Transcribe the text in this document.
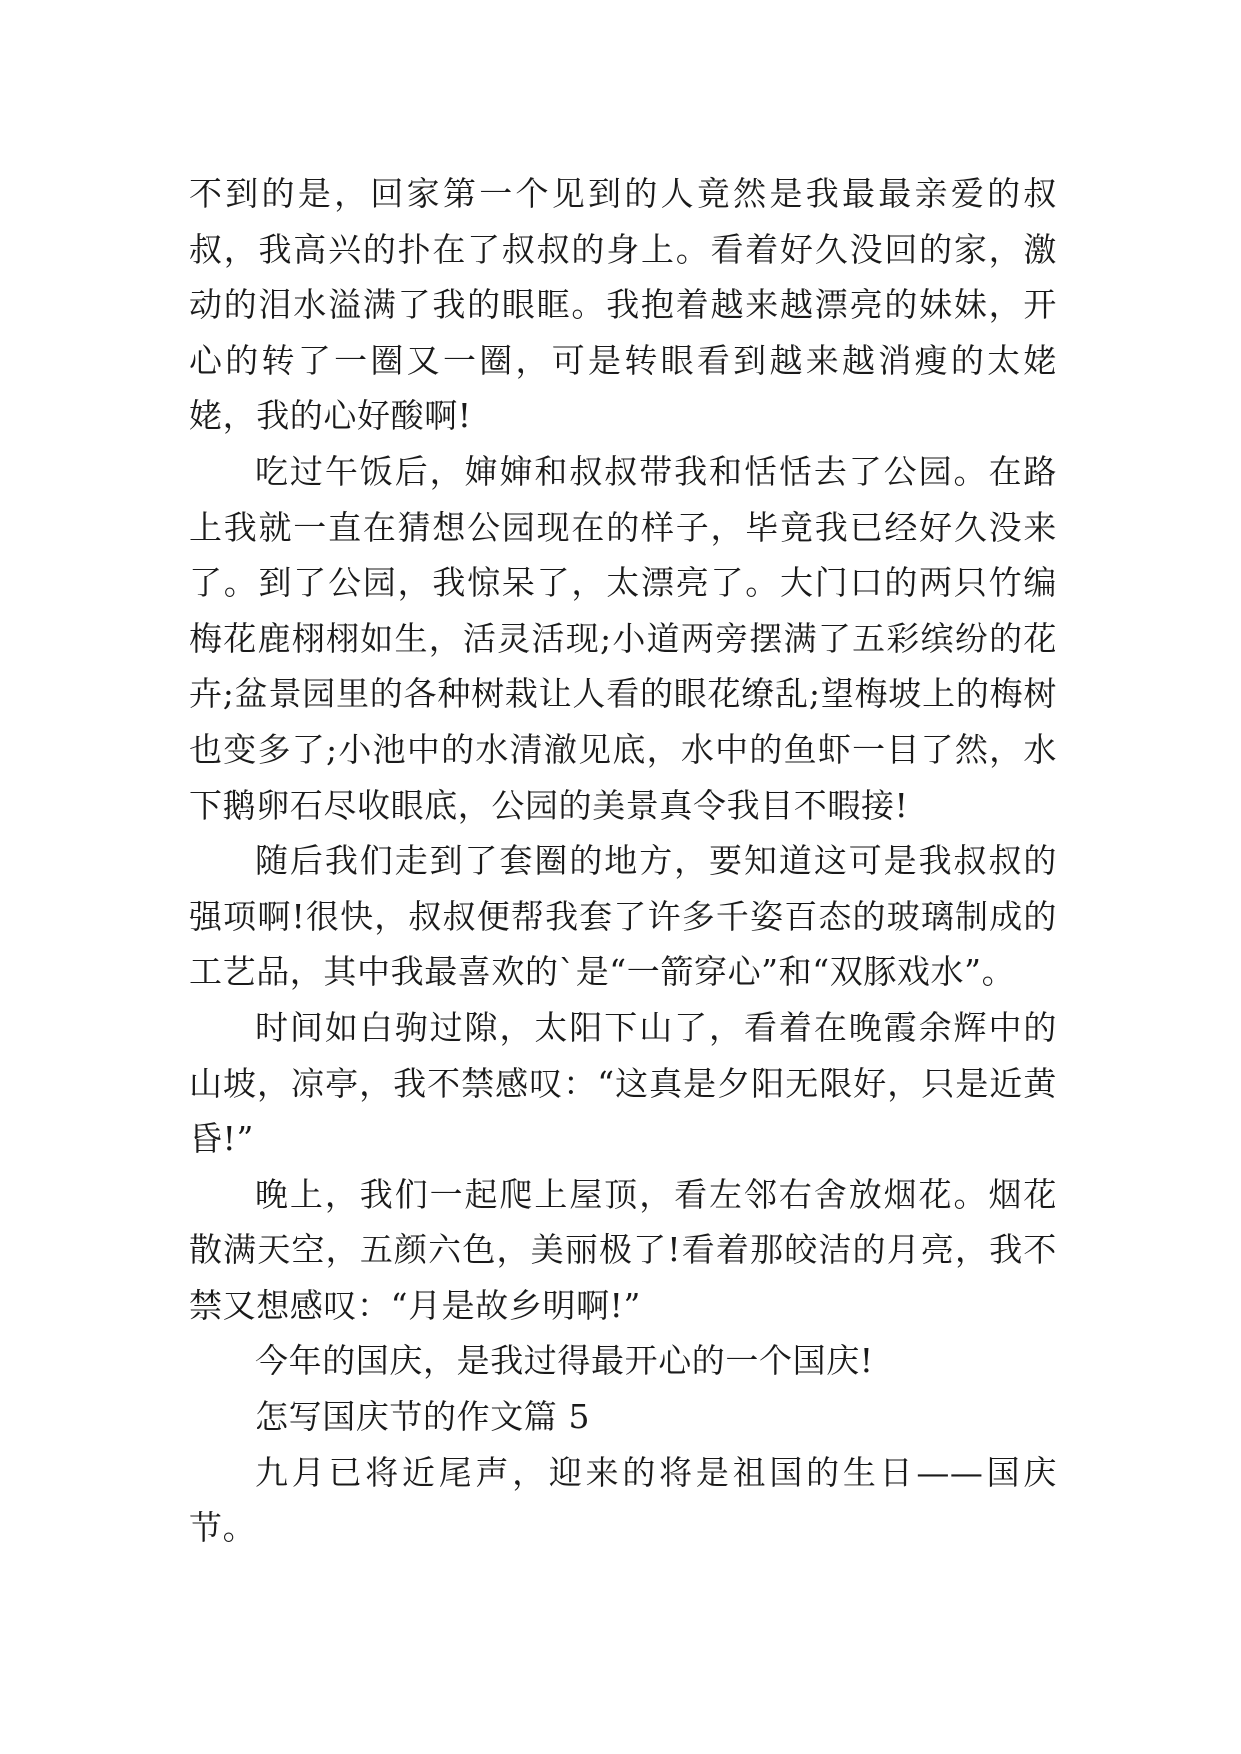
不到的是，回家第一个见到的人竟然是我最最亲爱的叔叔，我高兴的扑在了叔叔的身上。看着好久没回的家，激动的泪水溢满了我的眼眶。我抱着越来越漂亮的妹妹，开心的转了一圈又一圈，可是转眼看到越来越消瘦的太姥姥，我的心好酸啊!

吃过午饭后，婶婶和叔叔带我和恬恬去了公园。在路上我就一直在猜想公园现在的样子，毕竟我已经好久没来了。到了公园，我惊呆了，太漂亮了。大门口的两只竹编梅花鹿栩栩如生，活灵活现;小道两旁摆满了五彩缤纷的花卉;盆景园里的各种树栽让人看的眼花缭乱;望梅坡上的梅树也变多了;小池中的水清澈见底，水中的鱼虾一目了然，水下鹅卵石尽收眼底，公园的美景真令我目不暇接!

随后我们走到了套圈的地方，要知道这可是我叔叔的强项啊!很快，叔叔便帮我套了许多千姿百态的玻璃制成的工艺品，其中我最喜欢的`是“一箭穿心”和“双豚戏水”。

时间如白驹过隙，太阳下山了，看着在晚霞余辉中的山坡，凉亭，我不禁感叹：“这真是夕阳无限好，只是近黄昏!”

晚上，我们一起爬上屋顶，看左邻右舍放烟花。烟花散满天空，五颜六色，美丽极了!看着那皎洁的月亮，我不禁又想感叹：“月是故乡明啊!”

今年的国庆，是我过得最开心的一个国庆!

怎写国庆节的作文篇 5

九月已将近尾声，迎来的将是祖国的生日——国庆节。
